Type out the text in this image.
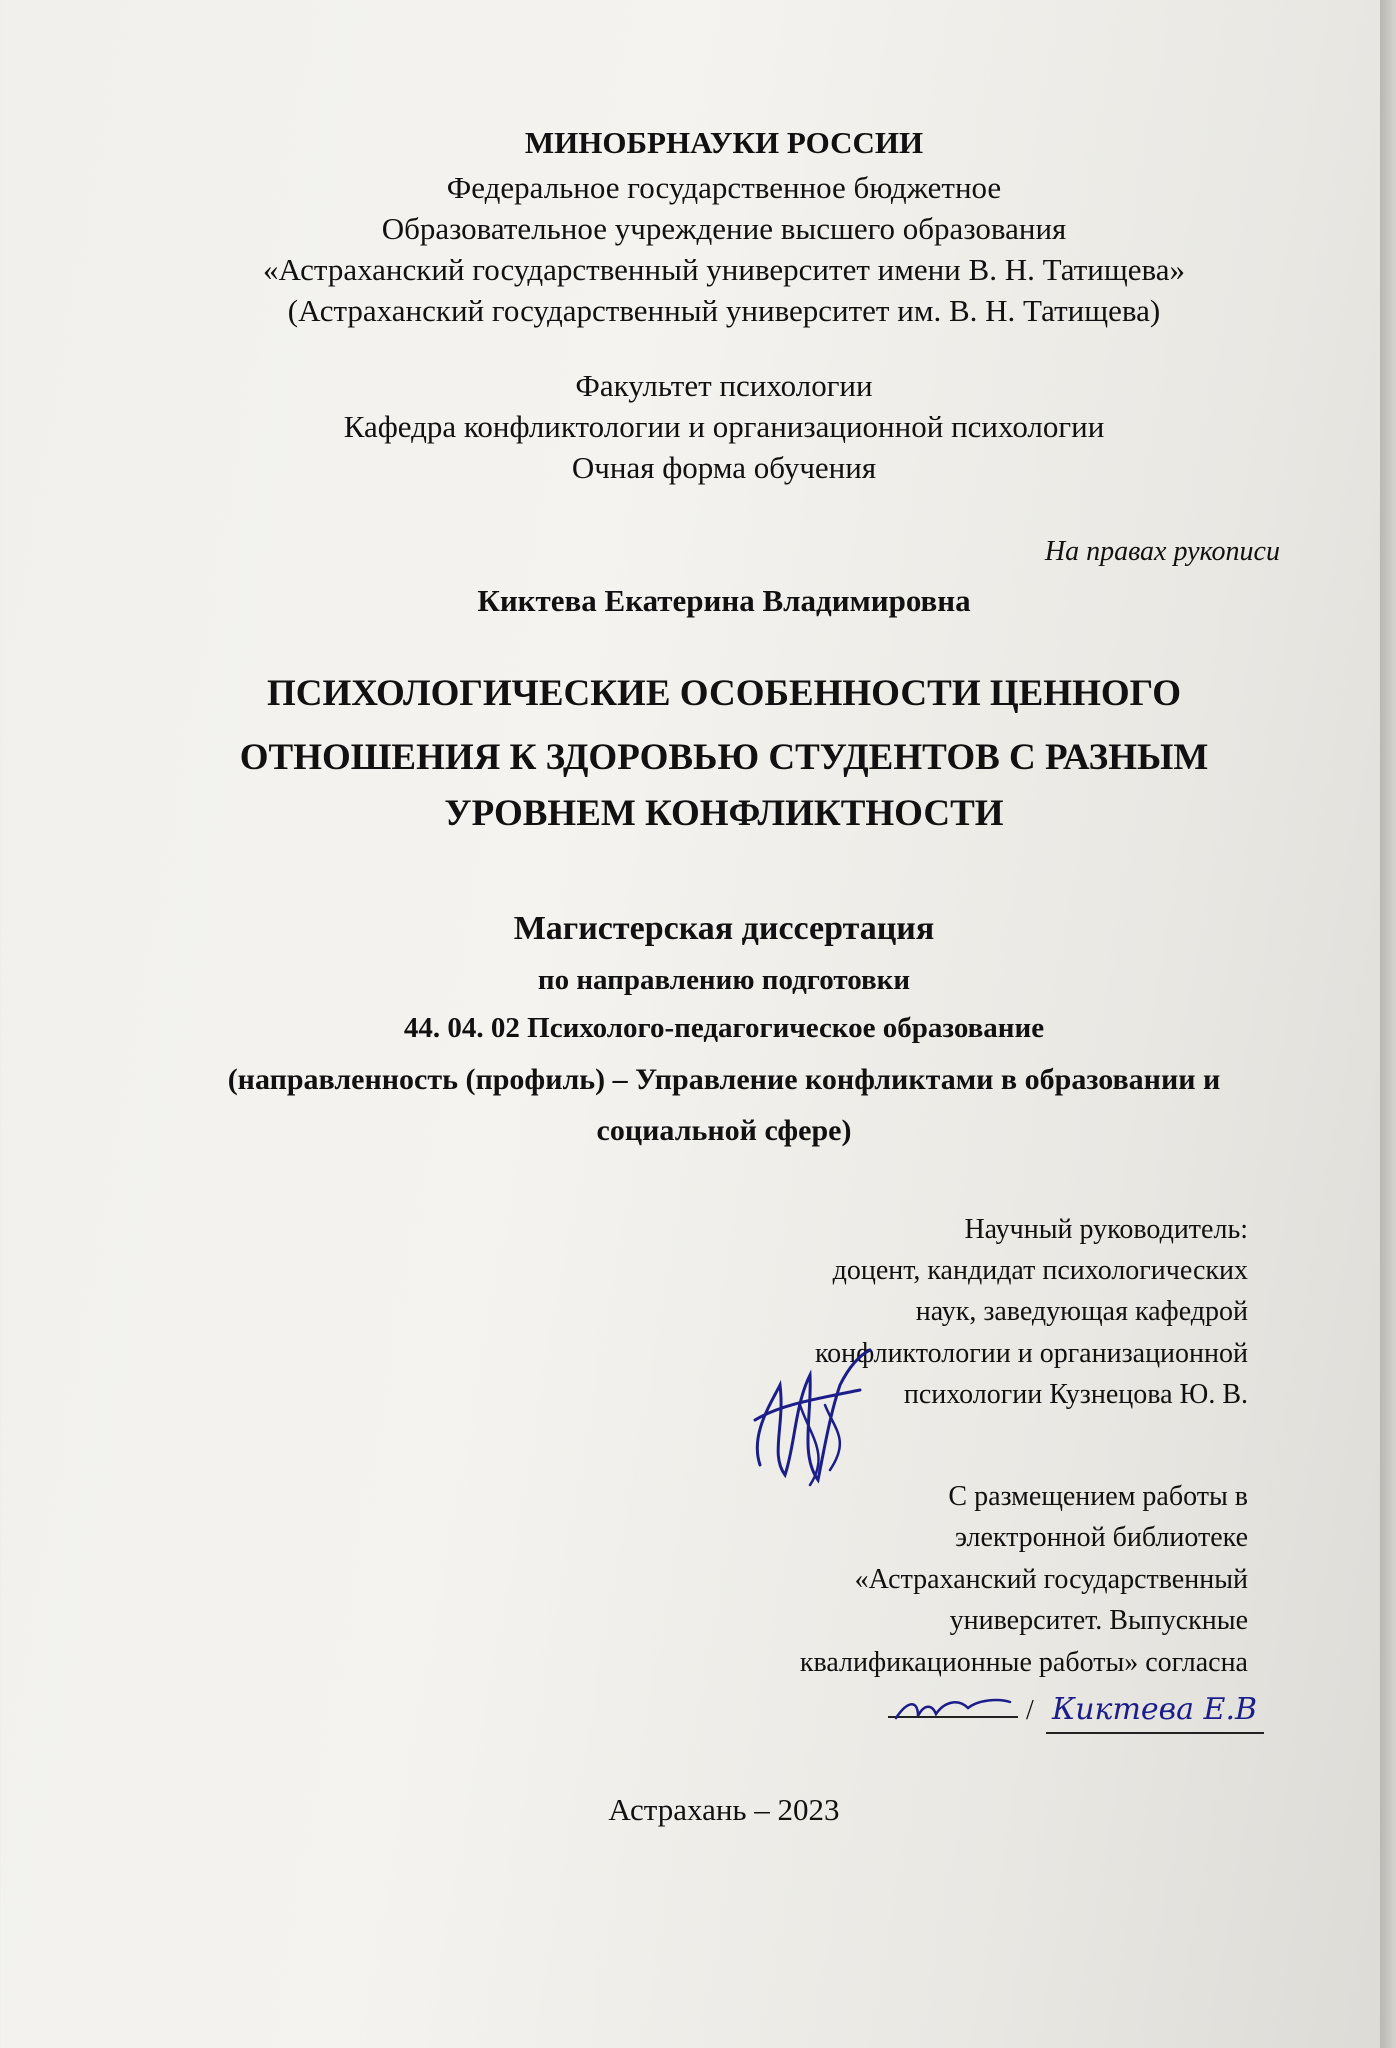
МИНОБРНАУКИ РОССИИ
Федеральное государственное бюджетное
Образовательное учреждение высшего образования
«Астраханский государственный университет имени В. Н. Татищева»
(Астраханский государственный университет им. В. Н. Татищева)
Факультет психологии
Кафедра конфликтологии и организационной психологии
Очная форма обучения
На правах рукописи
Киктева Екатерина Владимировна
ПСИХОЛОГИЧЕСКИЕ ОСОБЕННОСТИ ЦЕННОГО
ОТНОШЕНИЯ К ЗДОРОВЬЮ СТУДЕНТОВ С РАЗНЫМ
УРОВНЕМ КОНФЛИКТНОСТИ
Магистерская диссертация
по направлению подготовки
44. 04. 02 Психолого-педагогическое образование
(направленность (профиль) – Управление конфликтами в образовании и
социальной сфере)
Научный руководитель:
доцент, кандидат психологических
наук, заведующая кафедрой
конфликтологии и организационной
психологии Кузнецова Ю. В.
С размещением работы в
электронной библиотеке
«Астраханский государственный
университет. Выпускные
квалификационные работы» согласна
/ Киктева Е.В
Астрахань – 2023
